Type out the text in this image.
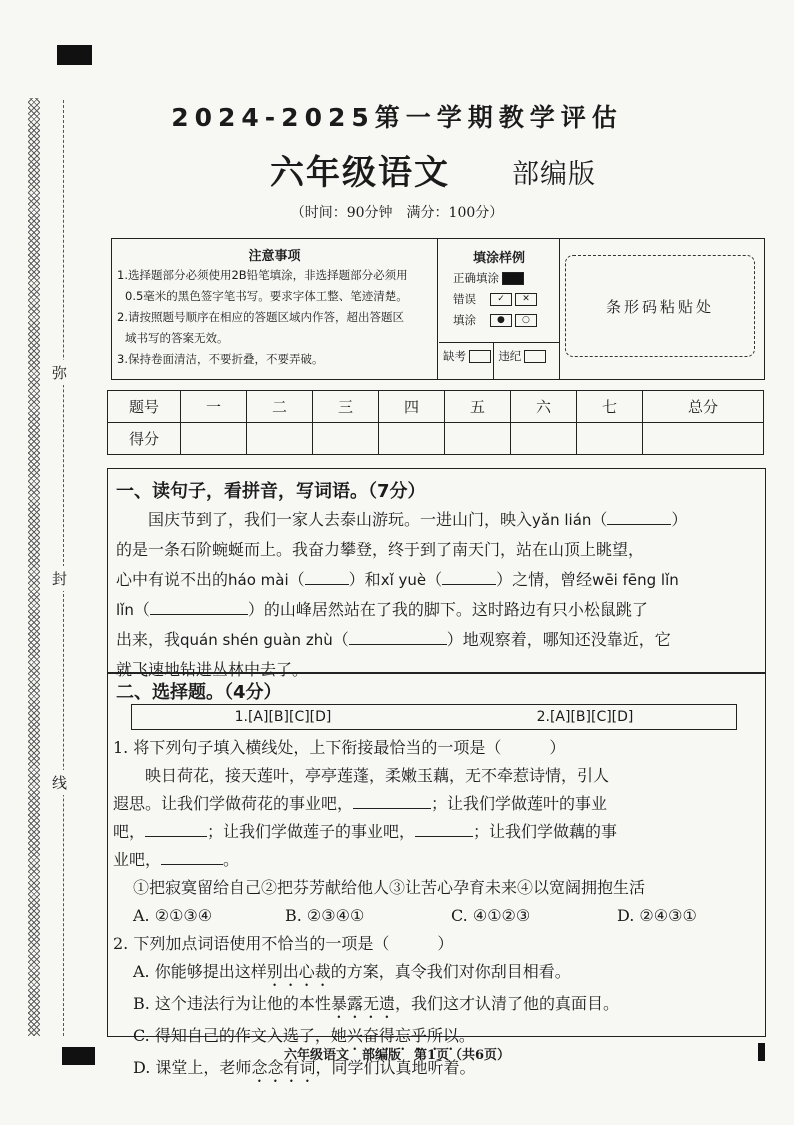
弥
封
线
2024-2025第一学期教学评估
六年级语文 部编版
（时间：90分钟　满分：100分）
注意事项
1.选择题部分必须使用2B铅笔填涂，非选择题部分必须用
0.5毫米的黑色签字笔书写。要求字体工整、笔迹清楚。
2.请按照题号顺序在相应的答题区域内作答，超出答题区
域书写的答案无效。
3.保持卷面清洁，不要折叠，不要弄破。
填涂样例
正确填涂
错误 ✓ ✕
填涂 ● ○
缺考	违纪
条形码粘贴处
题号	一	二	三	四	五	六	七	总分
得分								
一、读句子，看拼音，写词语。（7分）
国庆节到了，我们一家人去泰山游玩。一进山门，映入yǎn lián（	）
的是一条石阶蜿蜒而上。我奋力攀登，终于到了南天门，站在山顶上眺望，
心中有说不出的háo mài（	）和xǐ yuè（	）之情，曾经wēi fēng lǐn
lǐn（	）的山峰居然站在了我的脚下。这时路边有只小松鼠跳了
出来，我quán shén guàn zhù（	）地观察着，哪知还没靠近，它
就飞速地钻进丛林中去了。
二、选择题。（4分）
1.[A][B][C][D]	2.[A][B][C][D]
1. 将下列句子填入横线处，上下衔接最恰当的一项是（　　　）
映日荷花，接天莲叶，亭亭莲蓬，柔嫩玉藕，无不牵惹诗情，引人
遐思。让我们学做荷花的事业吧，	；让我们学做莲叶的事业
吧，	；让我们学做莲子的事业吧，	；让我们学做藕的事
业吧，	。
①把寂寞留给自己②把芬芳献给他人③让苦心孕育未来④以宽阔拥抱生活
A. ②①③④	B. ②③④①	C. ④①②③	D. ②④③①
2. 下列加点词语使用不恰当的一项是（　　　）
A. 你能够提出这样别出心裁的方案，真令我们对你刮目相看。
B. 这个违法行为让他的本性暴露无遗，我们这才认清了他的真面目。
C. 得知自己的作文入选了，她兴奋得忘乎所以。
D. 课堂上，老师念念有词，同学们认真地听着。
六年级语文　部编版　第1页（共6页）
